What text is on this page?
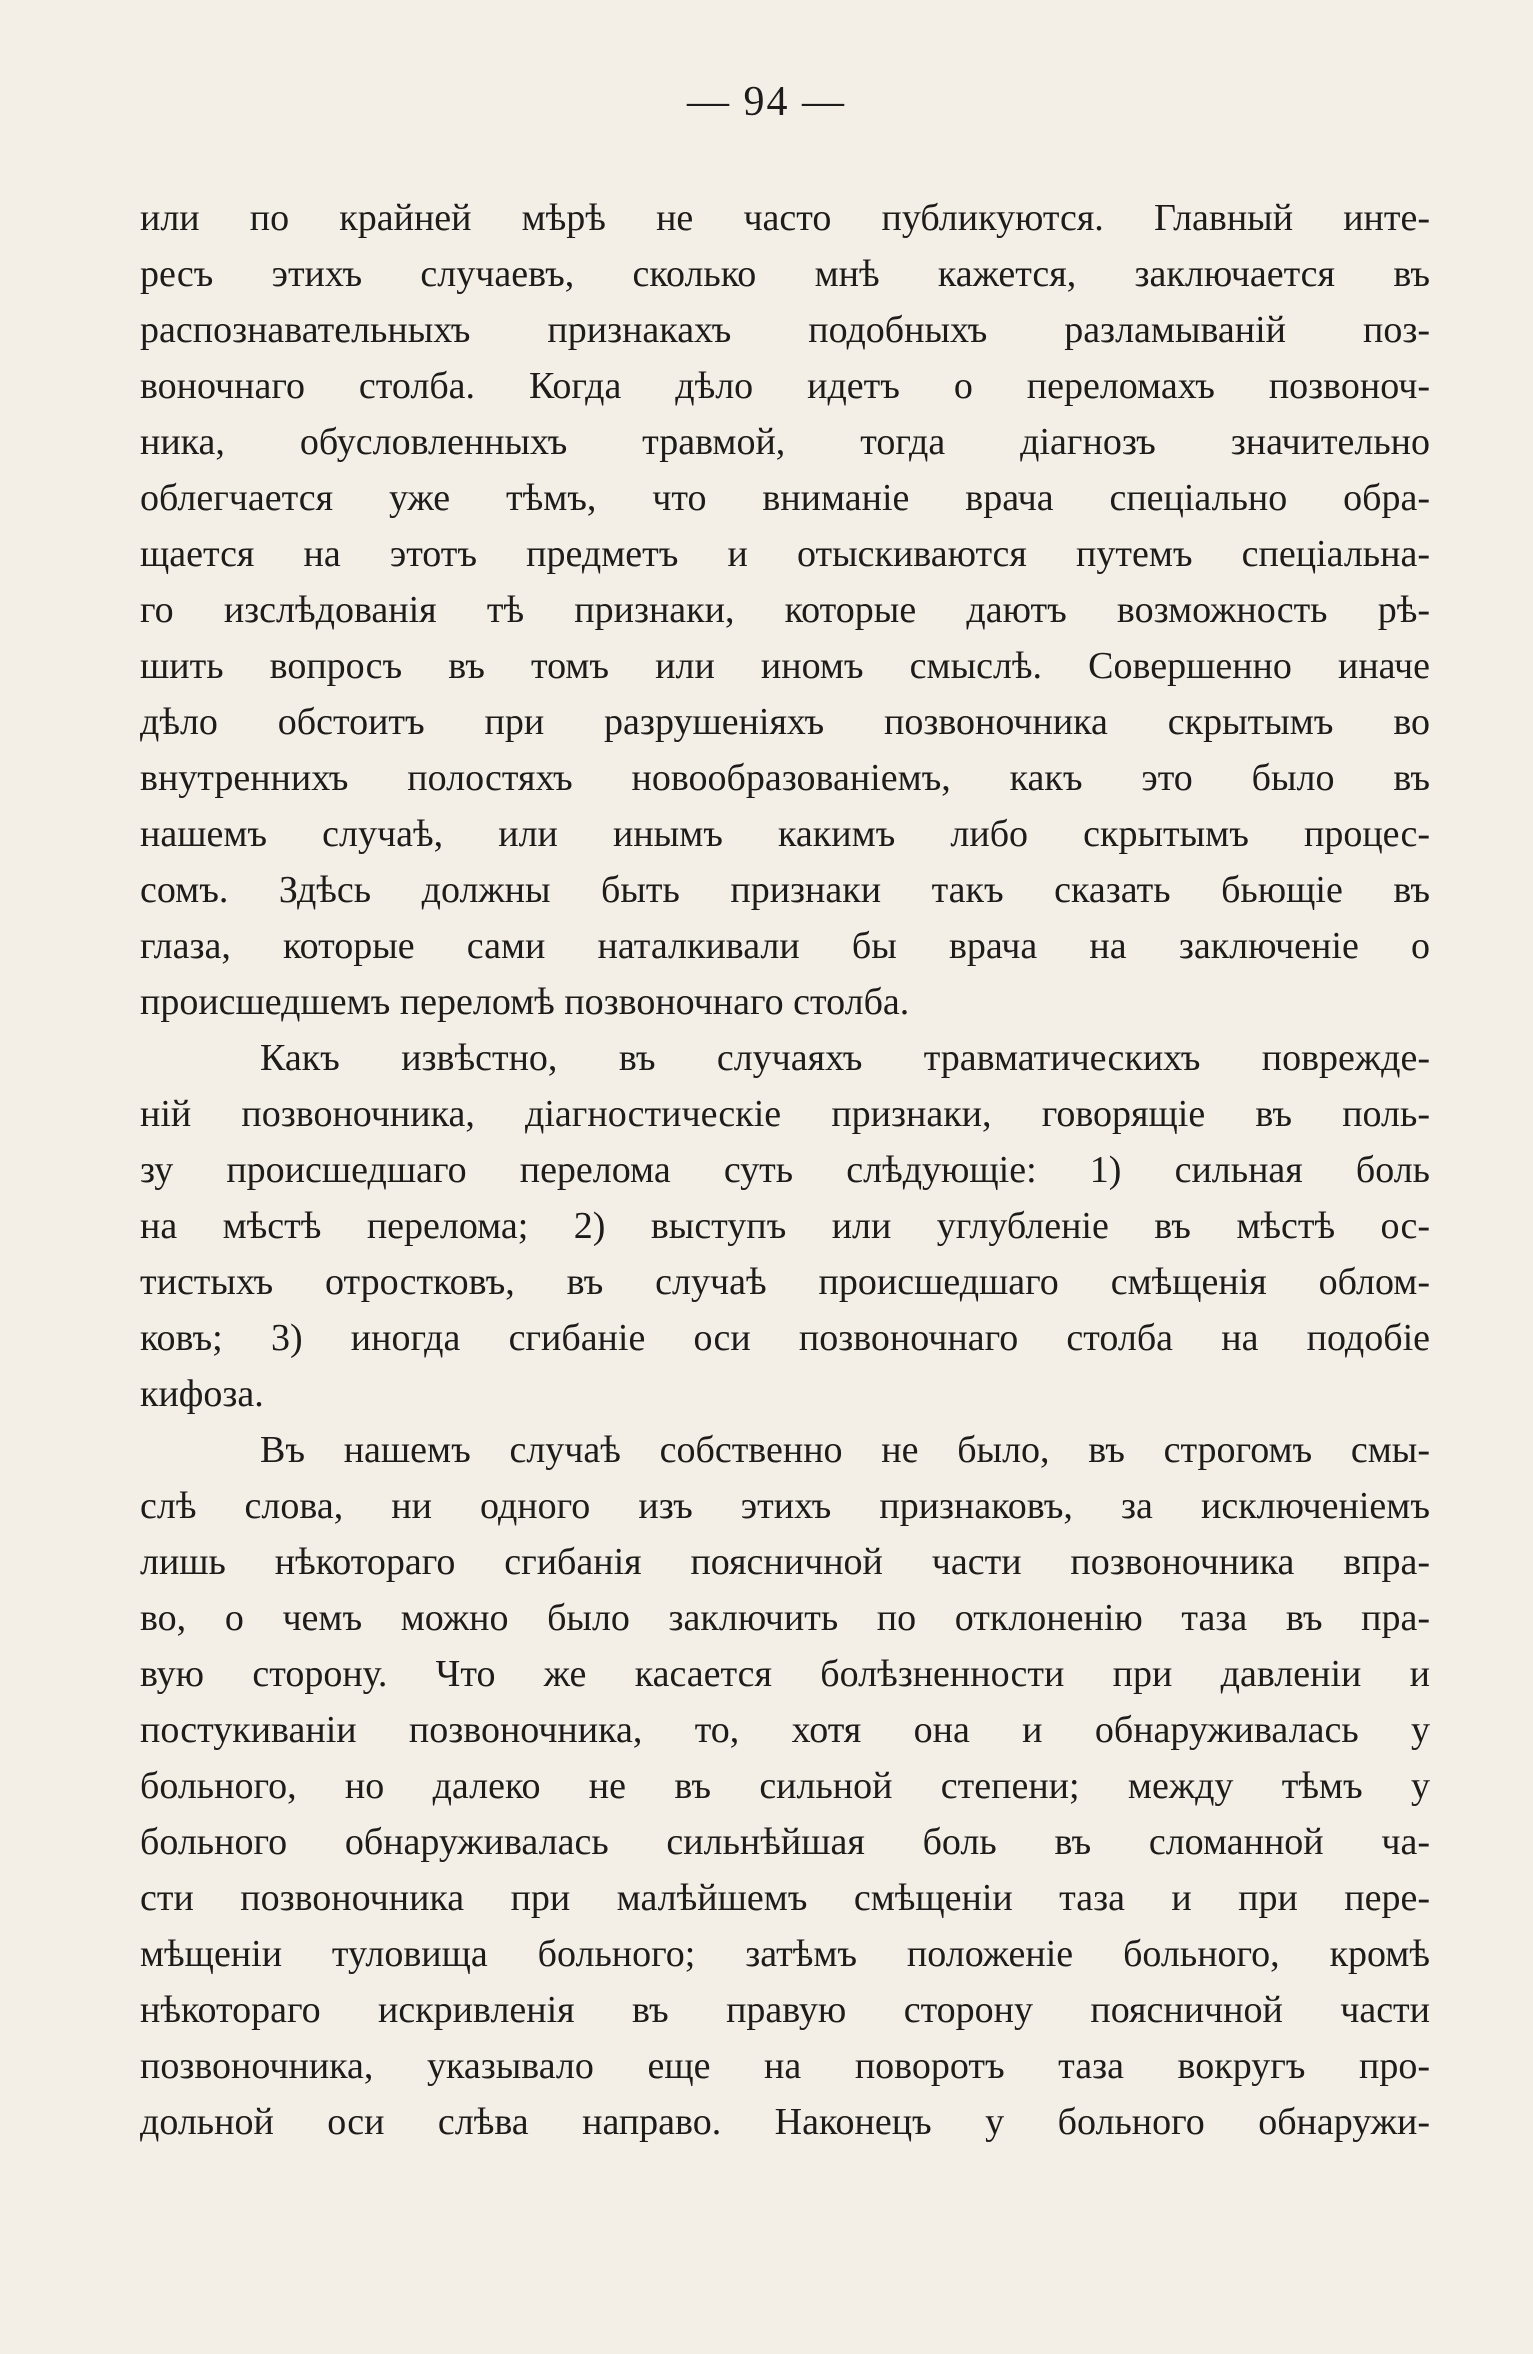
— 94 —
или по крайней мѣрѣ не часто публикуются. Главный инте-
ресъ этихъ случаевъ, сколько мнѣ кажется, заключается въ
распознавательныхъ признакахъ подобныхъ разламыванiй поз-
воночнаго столба. Когда дѣло идетъ о переломахъ позвоноч-
ника, обусловленныхъ травмой, тогда дiагнозъ значительно
облегчается уже тѣмъ, что вниманiе врача спецiально обра-
щается на этотъ предметъ и отыскиваются путемъ спецiальна-
го изслѣдованiя тѣ признаки, которые даютъ возможность рѣ-
шить вопросъ въ томъ или иномъ смыслѣ. Совершенно иначе
дѣло обстоитъ при разрушенiяхъ позвоночника скрытымъ во
внутреннихъ полостяхъ новообразованiемъ, какъ это было въ
нашемъ случаѣ, или инымъ какимъ либо скрытымъ процес-
сомъ. Здѣсь должны быть признаки такъ сказать бьющiе въ
глаза, которые сами наталкивали бы врача на заключенiе о
происшедшемъ переломѣ позвоночнаго столба.
Какъ извѣстно, въ случаяхъ травматическихъ поврежде-
нiй позвоночника, дiагностическiе признаки, говорящiе въ поль-
зу происшедшаго перелома суть слѣдующiе: 1) сильная боль
на мѣстѣ перелома; 2) выступъ или углубленiе въ мѣстѣ ос-
тистыхъ отростковъ, въ случаѣ происшедшаго смѣщенiя облом-
ковъ; 3) иногда сгибанiе оси позвоночнаго столба на подобiе
кифоза.
Въ нашемъ случаѣ собственно не было, въ строгомъ смы-
слѣ слова, ни одного изъ этихъ признаковъ, за исключенiемъ
лишь нѣкотораго сгибанiя поясничной части позвоночника впра-
во, о чемъ можно было заключить по отклоненiю таза въ пра-
вую сторону. Что же касается болѣзненности при давленiи и
постукиванiи позвоночника, то, хотя она и обнаруживалась у
больного, но далеко не въ сильной степени; между тѣмъ у
больного обнаруживалась сильнѣйшая боль въ сломанной ча-
сти позвоночника при малѣйшемъ смѣщенiи таза и при пере-
мѣщенiи туловища больного; затѣмъ положенiе больного, кромѣ
нѣкотораго искривленiя въ правую сторону поясничной части
позвоночника, указывало еще на поворотъ таза вокругъ про-
дольной оси слѣва направо. Наконецъ у больного обнаружи-
